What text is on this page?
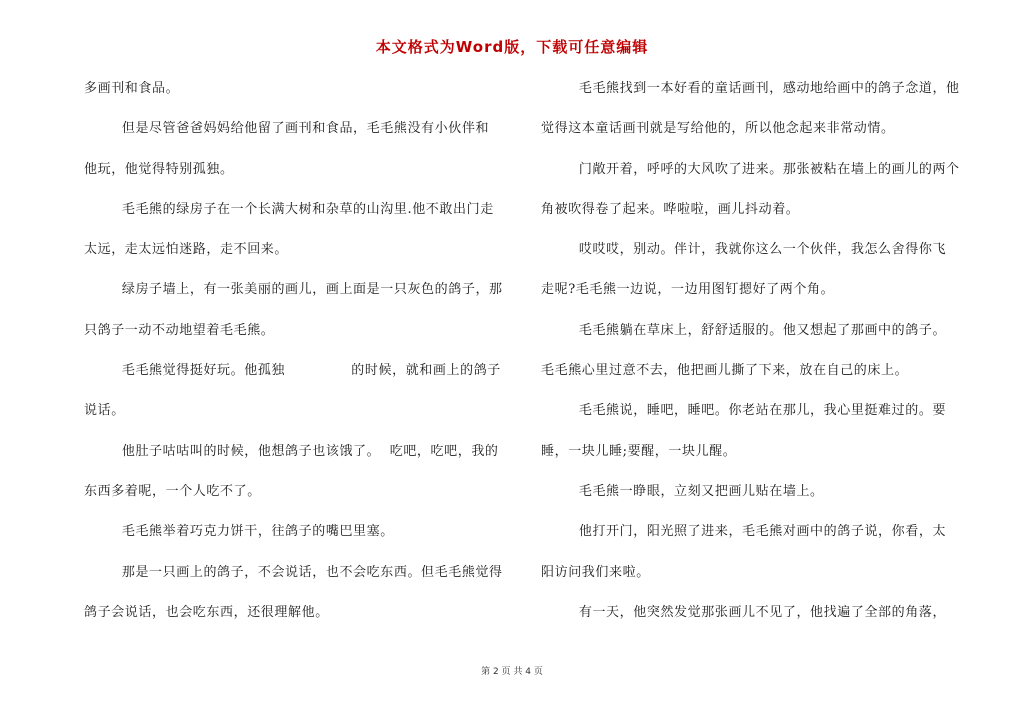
本文格式为Word版，下载可任意编辑
多画刊和食品。
但是尽管爸爸妈妈给他留了画刊和食品，毛毛熊没有小伙伴和
他玩，他觉得特别孤独。
毛毛熊的绿房子在一个长满大树和杂草的山沟里.他不敢出门走
太远，走太远怕迷路，走不回来。
绿房子墙上，有一张美丽的画儿，画上面是一只灰色的鸽子，那
只鸽子一动不动地望着毛毛熊。
毛毛熊觉得挺好玩。他孤独              的时候，就和画上的鸽子
说话。
他肚子咕咕叫的时候，他想鸽子也该饿了。  吃吧，吃吧，我的
东西多着呢，一个人吃不了。
毛毛熊举着巧克力饼干，往鸽子的嘴巴里塞。
那是一只画上的鸽子，不会说话，也不会吃东西。但毛毛熊觉得
鸽子会说话，也会吃东西，还很理解他。
毛毛熊找到一本好看的童话画刊，感动地给画中的鸽子念道，他
觉得这本童话画刊就是写给他的，所以他念起来非常动情。
门敞开着，呼呼的大风吹了进来。那张被粘在墙上的画儿的两个
角被吹得卷了起来。哗啦啦，画儿抖动着。
哎哎哎，别动。伴计，我就你这么一个伙伴，我怎么舍得你飞
走呢?毛毛熊一边说，一边用图钉摁好了两个角。
毛毛熊躺在草床上，舒舒适服的。他又想起了那画中的鸽子。
毛毛熊心里过意不去，他把画儿撕了下来，放在自己的床上。
毛毛熊说，睡吧，睡吧。你老站在那儿，我心里挺难过的。要
睡，一块儿睡;要醒，一块儿醒。
毛毛熊一睁眼，立刻又把画儿贴在墙上。
他打开门，阳光照了进来，毛毛熊对画中的鸽子说，你看，太
阳访问我们来啦。
有一天，他突然发觉那张画儿不见了，他找遍了全部的角落，
第 2 页 共 4 页
